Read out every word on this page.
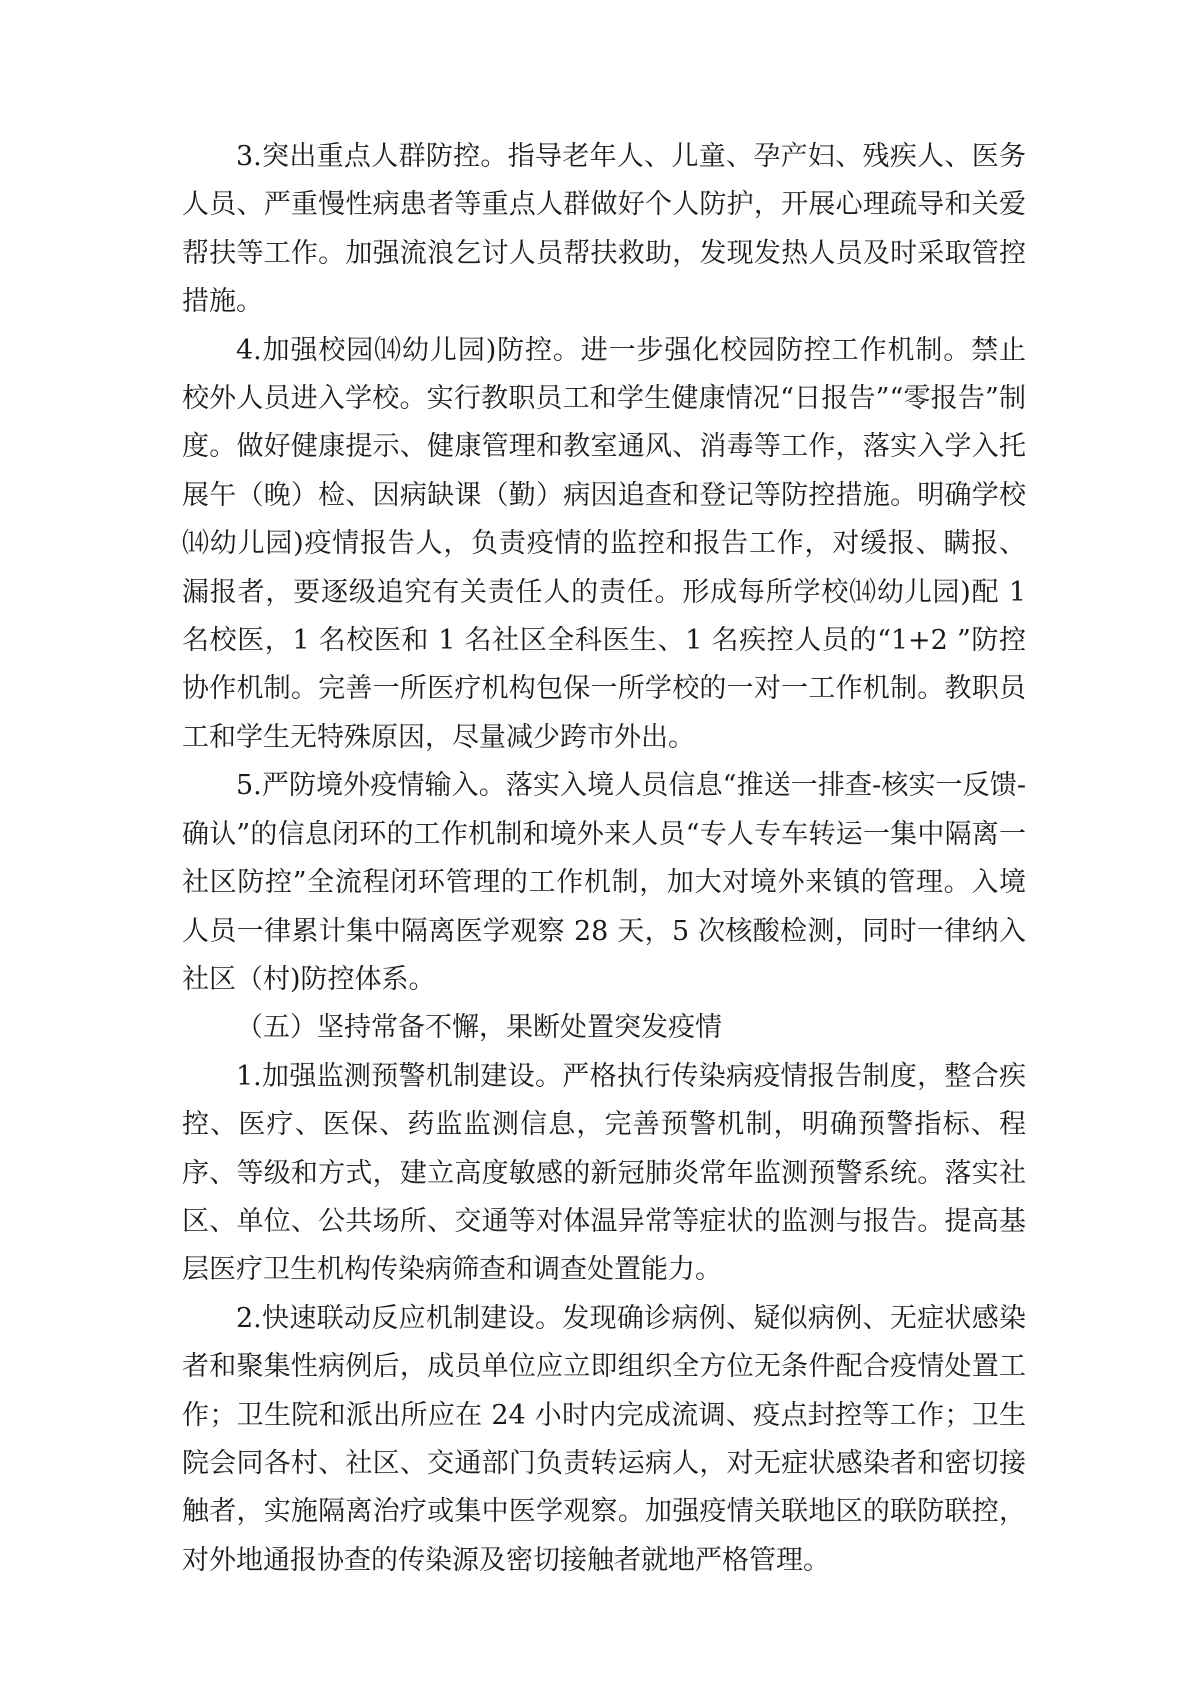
3.突出重点人群防控。指导老年人、儿童、孕产妇、残疾人、医务人员、严重慢性病患者等重点人群做好个人防护，开展心理疏导和关爱帮扶等工作。加强流浪乞讨人员帮扶救助，发现发热人员及时采取管控措施。

4.加强校园⒁幼儿园)防控。进一步强化校园防控工作机制。禁止校外人员进入学校。实行教职员工和学生健康情况“日报告”“零报告”制度。做好健康提示、健康管理和教室通风、消毒等工作，落实入学入托展午（晚）检、因病缺课（勤）病因追查和登记等防控措施。明确学校⒁幼儿园)疫情报告人，负责疫情的监控和报告工作，对缓报、瞒报、漏报者，要逐级追究有关责任人的责任。形成每所学校⒁幼儿园)配 1 名校医，1 名校医和 1 名社区全科医生、1 名疾控人员的“1+2 ”防控协作机制。完善一所医疗机构包保一所学校的一对一工作机制。教职员工和学生无特殊原因，尽量减少跨市外出。

5.严防境外疫情输入。落实入境人员信息“推送一排查-核实一反馈-确认”的信息闭环的工作机制和境外来人员“专人专车转运一集中隔离一社区防控”全流程闭环管理的工作机制，加大对境外来镇的管理。入境人员一律累计集中隔离医学观察 28 天，5 次核酸检测，同时一律纳入社区（村)防控体系。

（五）坚持常备不懈，果断处置突发疫情

1.加强监测预警机制建设。严格执行传染病疫情报告制度，整合疾控、医疗、医保、药监监测信息，完善预警机制，明确预警指标、程序、等级和方式，建立高度敏感的新冠肺炎常年监测预警系统。落实社区、单位、公共场所、交通等对体温异常等症状的监测与报告。提高基层医疗卫生机构传染病筛查和调查处置能力。

2.快速联动反应机制建设。发现确诊病例、疑似病例、无症状感染者和聚集性病例后，成员单位应立即组织全方位无条件配合疫情处置工作；卫生院和派出所应在 24 小时内完成流调、疫点封控等工作；卫生院会同各村、社区、交通部门负责转运病人，对无症状感染者和密切接触者，实施隔离治疗或集中医学观察。加强疫情关联地区的联防联控，对外地通报协查的传染源及密切接触者就地严格管理。
